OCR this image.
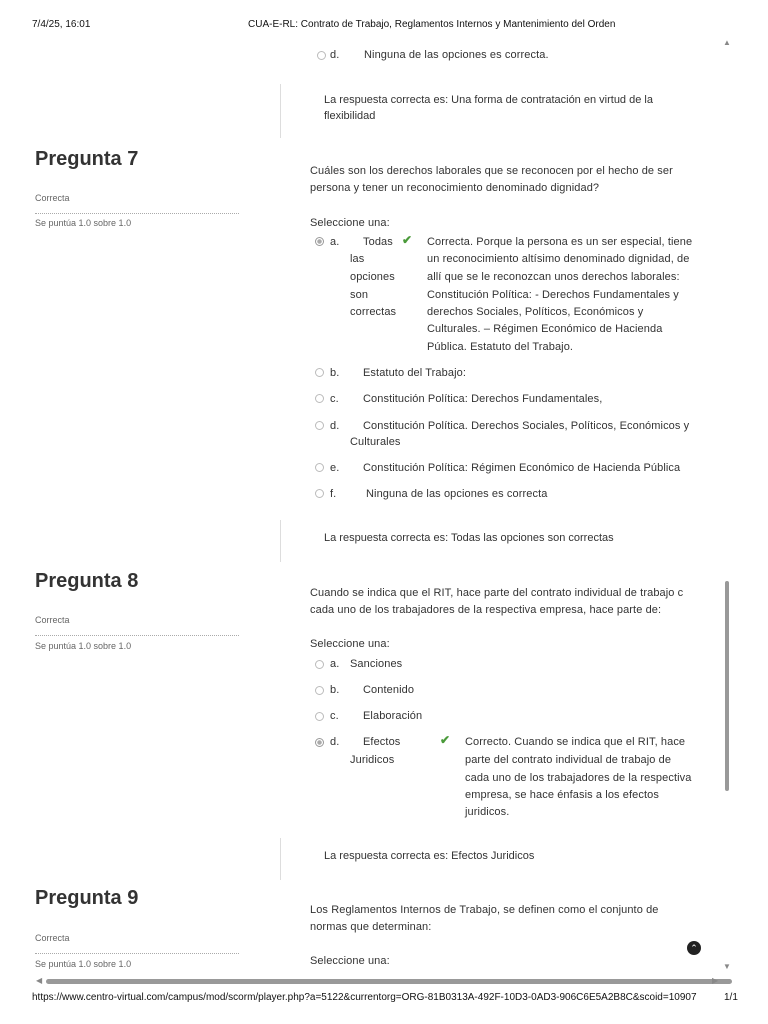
7/4/25, 16:01	CUA-E-RL: Contrato de Trabajo, Reglamentos Internos y Mantenimiento del Orden
d. Ninguna de las opciones es correcta.
La respuesta correcta es: Una forma de contratación en virtud de la
flexibilidad
Pregunta 7
Correcta
Se puntúa 1.0 sobre 1.0
Cuáles son los derechos laborales que se reconocen por el hecho de ser
persona y tener un reconocimiento denominado dignidad?
Seleccione una:
a. Todas
las
opciones
son
correctas
✔ Correcta. Porque la persona es un ser especial, tiene
un reconocimiento altísimo denominado dignidad, de
allí que se le reconozcan unos derechos laborales:
Constitución Política: - Derechos Fundamentales y
derechos Sociales, Políticos, Económicos y
Culturales. – Régimen Económico de Hacienda
Pública. Estatuto del Trabajo.
b. Estatuto del Trabajo:
c. Constitución Política: Derechos Fundamentales,
d. Constitución Política. Derechos Sociales, Políticos, Económicos y
Culturales
e. Constitución Política: Régimen Económico de Hacienda Pública
f.	Ninguna de las opciones es correcta
La respuesta correcta es: Todas las opciones son correctas
Pregunta 8
Correcta
Se puntúa 1.0 sobre 1.0
Cuando se indica que el RIT, hace parte del contrato individual de trabajo c
cada uno de los trabajadores de la respectiva empresa, hace parte de:
Seleccione una:
a. Sanciones
b. Contenido
c. Elaboración
d. Efectos
Juridicos
✔ Correcto. Cuando se indica que el RIT, hace
parte del contrato individual de trabajo de
cada uno de los trabajadores de la respectiva
empresa, se hace énfasis a los efectos
juridicos.
La respuesta correcta es: Efectos Juridicos
Pregunta 9
Correcta
Se puntúa 1.0 sobre 1.0
Los Reglamentos Internos de Trabajo, se definen como el conjunto de
normas que determinan:
Seleccione una:
⌃
▲
▼
◀	▶
https://www.centro-virtual.com/campus/mod/scorm/player.php?a=5122&currentorg=ORG-81B0313A-492F-10D3-0AD3-906C6E5A2B8C&scoid=10907	1/1
